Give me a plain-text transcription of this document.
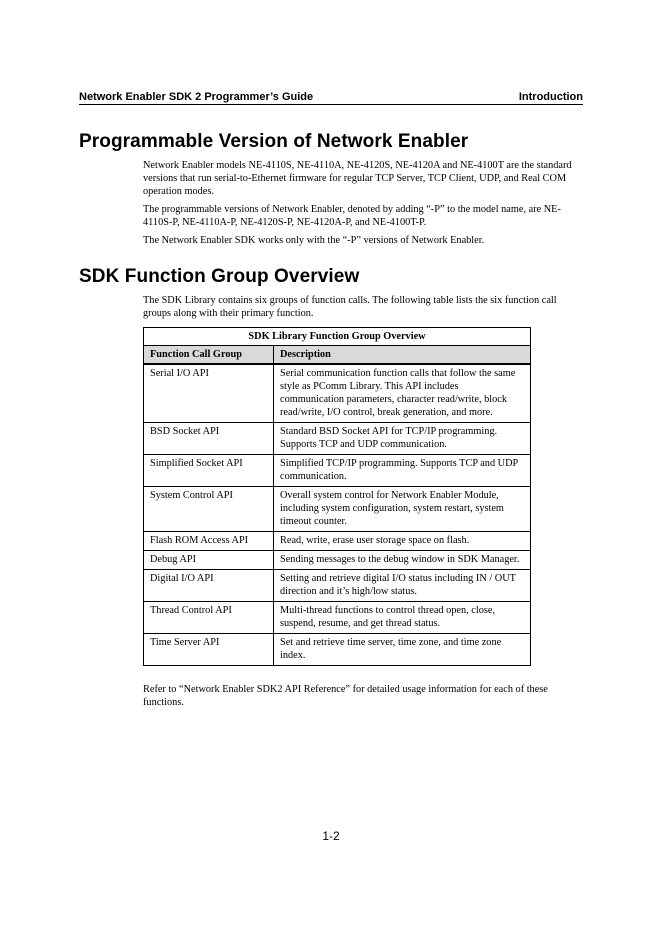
Network Enabler SDK 2 Programmer’s Guide	Introduction
Programmable Version of Network Enabler

Network Enabler models NE-4110S, NE-4110A, NE-4120S, NE-4120A and NE-4100T are the standard versions that run serial-to-Ethernet firmware for regular TCP Server, TCP Client, UDP, and Real COM operation modes.

The programmable versions of Network Enabler, denoted by adding “-P” to the model name, are NE-4110S-P, NE-4110A-P, NE-4120S-P, NE-4120A-P, and NE-4100T-P.

The Network Enabler SDK works only with the “-P” versions of Network Enabler.

SDK Function Group Overview

The SDK Library contains six groups of function calls. The following table lists the six function call groups along with their primary function.

SDK Library Function Group Overview	
Function Call Group	Description
Serial I/O API	Serial communication function calls that follow the same style as PComm Library. This API includes communication parameters, character read/write, block read/write, I/O control, break generation, and more.
BSD Socket API	Standard BSD Socket API for TCP/IP programming. Supports TCP and UDP communication.
Simplified Socket API	Simplified TCP/IP programming. Supports TCP and UDP communication.
System Control API	Overall system control for Network Enabler Module, including system configuration, system restart, system timeout counter.
Flash ROM Access API	Read, write, erase user storage space on flash.
Debug API	Sending messages to the debug window in SDK Manager.
Digital I/O API	Setting and retrieve digital I/O status including IN / OUT direction and it’s high/low status.
Thread Control API	Multi-thread functions to control thread open, close, suspend, resume, and get thread status.
Time Server API	Set and retrieve time server, time zone, and time zone index.

Refer to “Network Enabler SDK2 API Reference” for detailed usage information for each of these functions.

1-2
